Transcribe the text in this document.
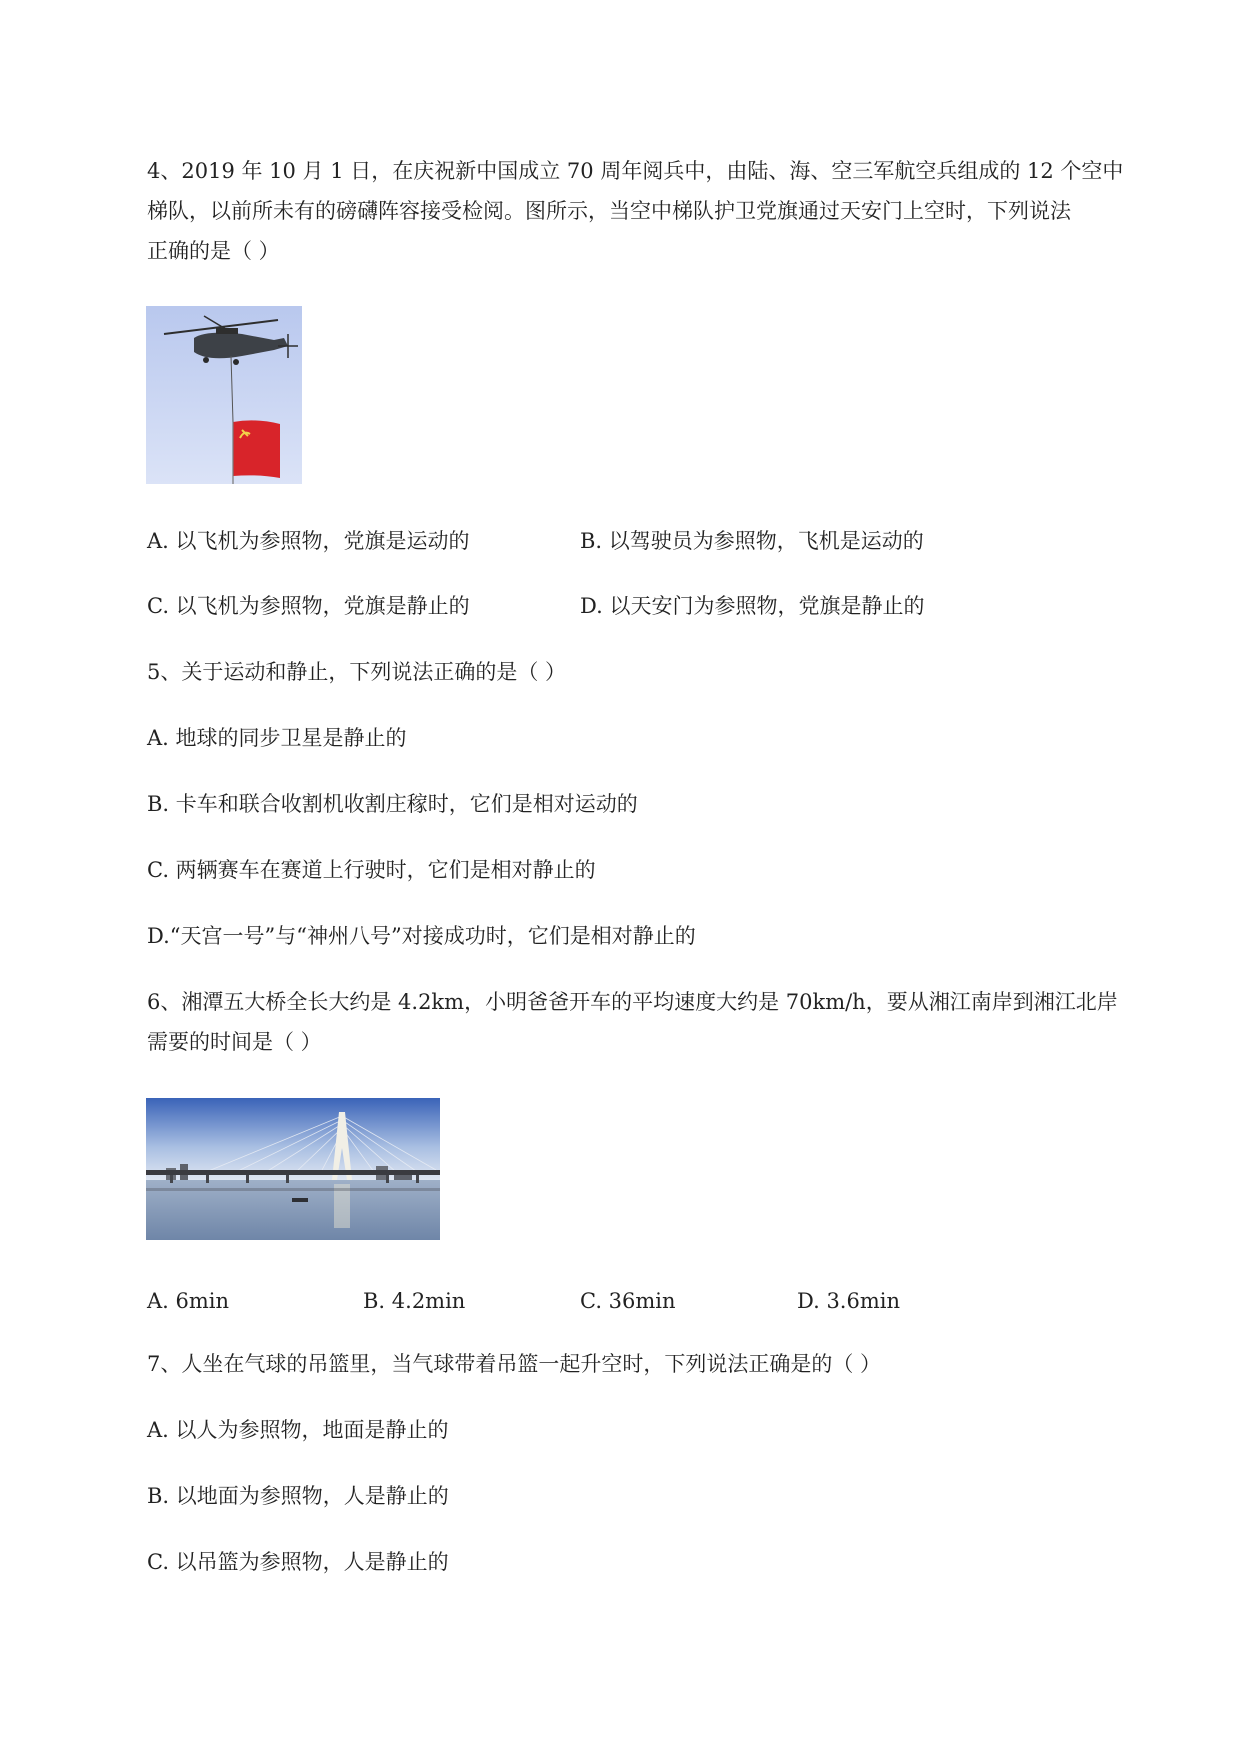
4、2019 年 10 月 1 日，在庆祝新中国成立 70 周年阅兵中，由陆、海、空三军航空兵组成的 12 个空中
梯队，以前所未有的磅礴阵容接受检阅。图所示，当空中梯队护卫党旗通过天安门上空时，下列说法
正确的是（ ）
A. 以飞机为参照物，党旗是运动的	B. 以驾驶员为参照物，飞机是运动的
C. 以飞机为参照物，党旗是静止的	D. 以天安门为参照物，党旗是静止的
5、关于运动和静止，下列说法正确的是（ ）
A. 地球的同步卫星是静止的
B. 卡车和联合收割机收割庄稼时，它们是相对运动的
C. 两辆赛车在赛道上行驶时，它们是相对静止的
D.“天宫一号”与“神州八号”对接成功时，它们是相对静止的
6、湘潭五大桥全长大约是 4.2km，小明爸爸开车的平均速度大约是 70km/h，要从湘江南岸到湘江北岸
需要的时间是（ ）
A. 6min	B. 4.2min	C. 36min	D. 3.6min
7、人坐在气球的吊篮里，当气球带着吊篮一起升空时，下列说法正确是的（ ）
A. 以人为参照物，地面是静止的
B. 以地面为参照物，人是静止的
C. 以吊篮为参照物，人是静止的
